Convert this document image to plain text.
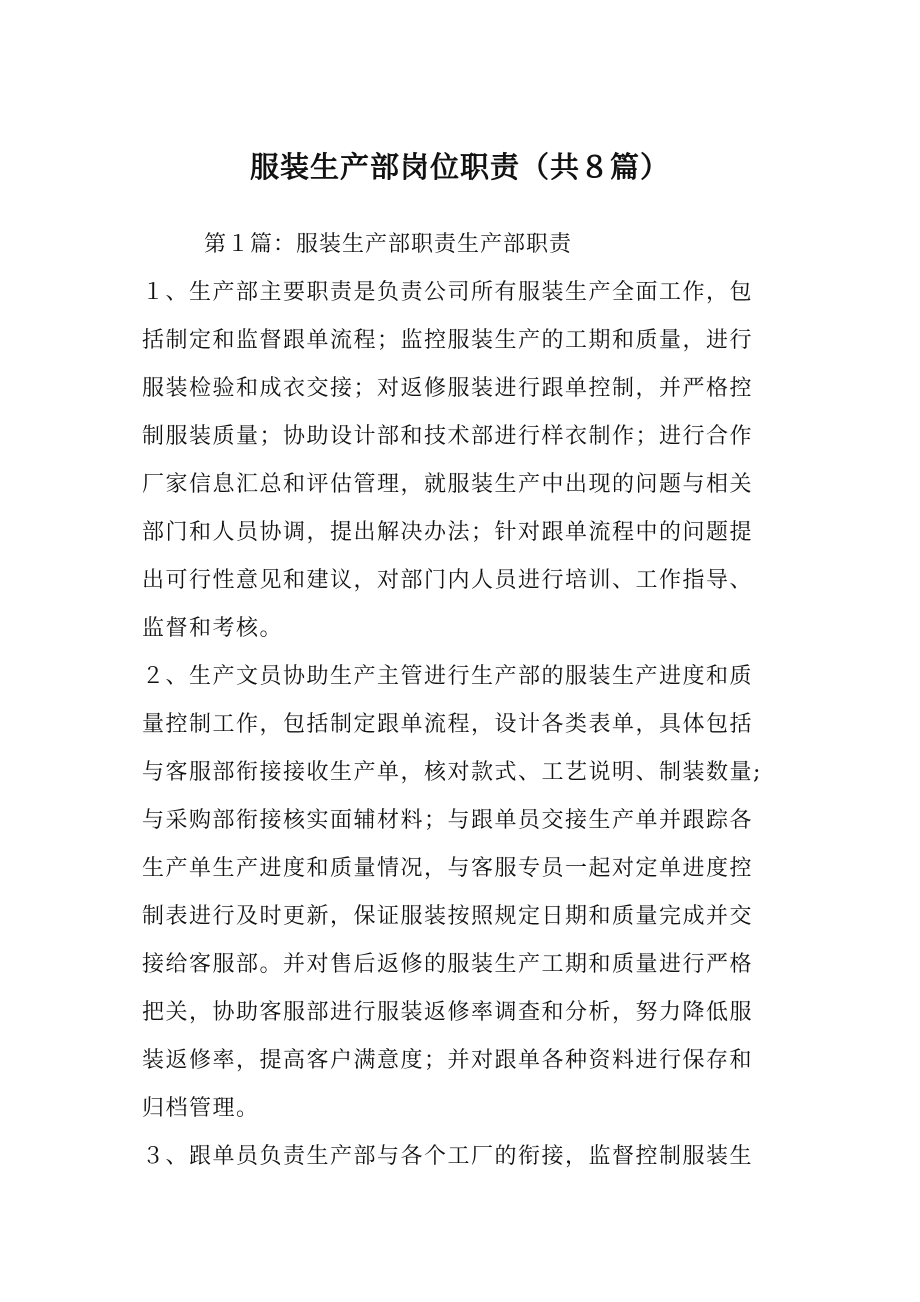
服装生产部岗位职责（共８篇）
第１篇：服装生产部职责生产部职责
１、生产部主要职责是负责公司所有服装生产全面工作，包
括制定和监督跟单流程；监控服装生产的工期和质量，进行
服装检验和成衣交接；对返修服装进行跟单控制，并严格控
制服装质量；协助设计部和技术部进行样衣制作；进行合作
厂家信息汇总和评估管理，就服装生产中出现的问题与相关
部门和人员协调，提出解决办法；针对跟单流程中的问题提
出可行性意见和建议，对部门内人员进行培训、工作指导、
监督和考核。
２、生产文员协助生产主管进行生产部的服装生产进度和质
量控制工作，包括制定跟单流程，设计各类表单，具体包括
与客服部衔接接收生产单，核对款式、工艺说明、制装数量;
与采购部衔接核实面辅材料；与跟单员交接生产单并跟踪各
生产单生产进度和质量情况，与客服专员一起对定单进度控
制表进行及时更新，保证服装按照规定日期和质量完成并交
接给客服部。并对售后返修的服装生产工期和质量进行严格
把关，协助客服部进行服装返修率调查和分析，努力降低服
装返修率，提高客户满意度；并对跟单各种资料进行保存和
归档管理。
３、跟单员负责生产部与各个工厂的衔接，监督控制服装生
